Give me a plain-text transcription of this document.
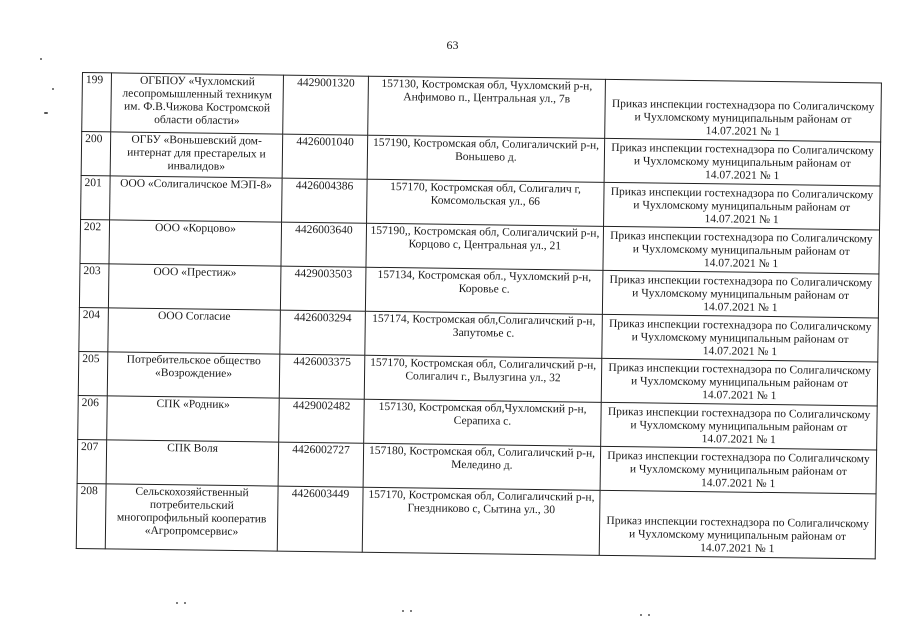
63
199	ОГБПОУ «Чухломский лесопромышленный техникум им. Ф.В.Чижова Костромской области области»	4429001320	157130, Костромская обл, Чухломский р-н, Анфимово п., Центральная ул., 7в	Приказ инспекции гостехнадзора по Солигаличскому и Чухломскому муниципальным районам от 14.07.2021 № 1
200	ОГБУ «Воньшевский дом-интернат для престарелых и инвалидов»	4426001040	157190, Костромская обл, Солигаличский р-н, Воньшево д.	Приказ инспекции гостехнадзора по Солигаличскому и Чухломскому муниципальным районам от 14.07.2021 № 1
201	ООО «Солигаличское МЭП-8»	4426004386	157170, Костромская обл, Солигалич г, Комсомольская ул., 66	Приказ инспекции гостехнадзора по Солигаличскому и Чухломскому муниципальным районам от 14.07.2021 № 1
202	ООО «Корцово»	4426003640	157190,, Костромская обл, Солигаличский р-н, Корцово с, Центральная ул., 21	Приказ инспекции гостехнадзора по Солигаличскому и Чухломскому муниципальным районам от 14.07.2021 № 1
203	ООО «Престиж»	4429003503	157134, Костромская обл., Чухломский р-н, Коровье с.	Приказ инспекции гостехнадзора по Солигаличскому и Чухломскому муниципальным районам от 14.07.2021 № 1
204	ООО Согласие	4426003294	157174, Костромская обл,Солигаличский р-н, Запутомье с.	Приказ инспекции гостехнадзора по Солигаличскому и Чухломскому муниципальным районам от 14.07.2021 № 1
205	Потребительское общество «Возрождение»	4426003375	157170, Костромская обл, Солигаличский р-н, Солигалич г., Вылузгина ул., 32	Приказ инспекции гостехнадзора по Солигаличскому и Чухломскому муниципальным районам от 14.07.2021 № 1
206	СПК «Родник»	4429002482	157130, Костромская обл,Чухломский р-н, Серапиха с.	Приказ инспекции гостехнадзора по Солигаличскому и Чухломскому муниципальным районам от 14.07.2021 № 1
207	СПК Воля	4426002727	157180, Костромская обл, Солигаличский р-н, Меледино д.	Приказ инспекции гостехнадзора по Солигаличскому и Чухломскому муниципальным районам от 14.07.2021 № 1
208	Сельскохозяйственный потребительский многопрофильный кооператив «Агропромсервис»	4426003449	157170, Костромская обл, Солигаличский р-н, Гнездниково с, Сытина ул., 30	Приказ инспекции гостехнадзора по Солигаличскому и Чухломскому муниципальным районам от 14.07.2021 № 1
